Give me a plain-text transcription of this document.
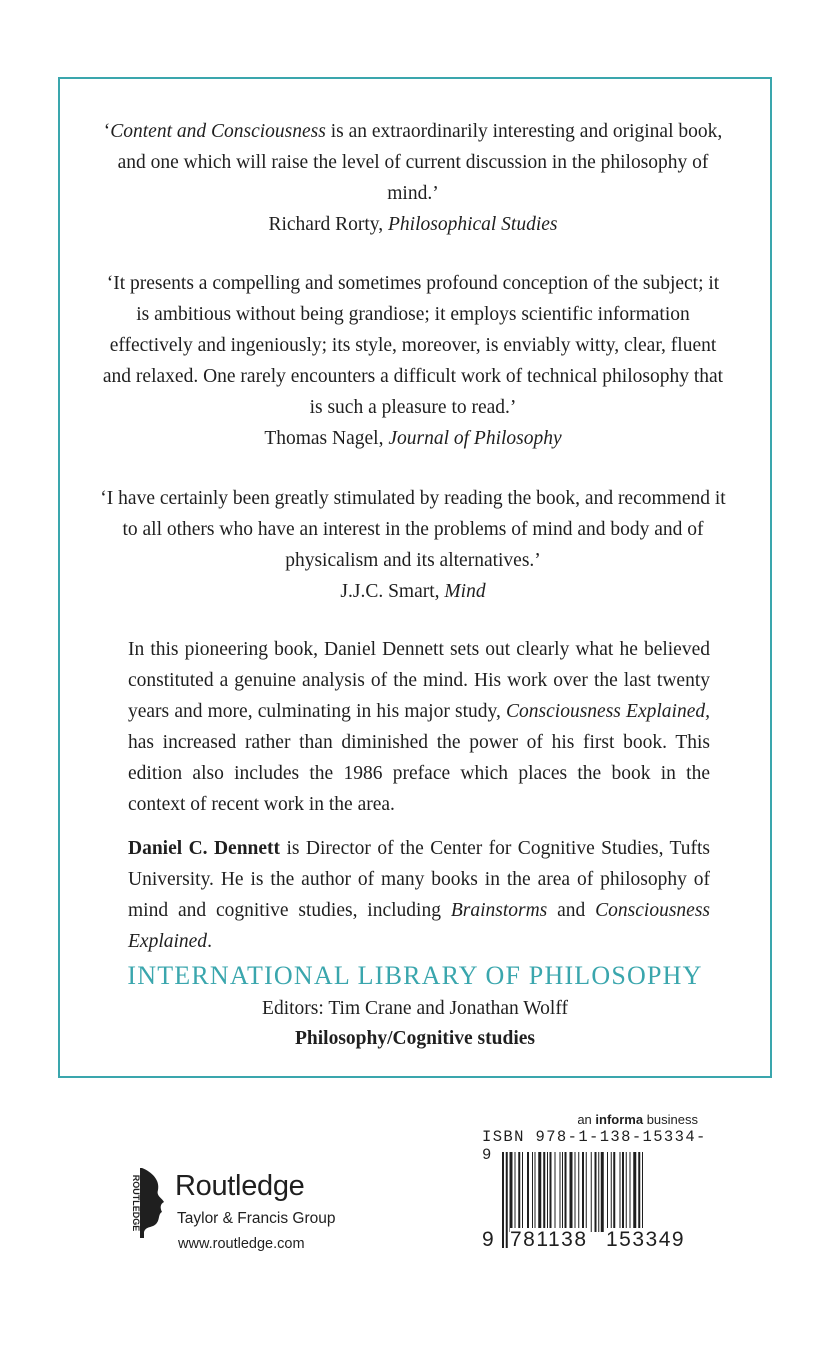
‘Content and Consciousness is an extraordinarily interesting and original book, and one which will raise the level of current discussion in the philosophy of mind.’
Richard Rorty, Philosophical Studies
‘It presents a compelling and sometimes profound conception of the subject; it is ambitious without being grandiose; it employs scientific information effectively and ingeniously; its style, moreover, is enviably witty, clear, fluent and relaxed. One rarely encounters a difficult work of technical philosophy that is such a pleasure to read.’
Thomas Nagel, Journal of Philosophy
‘I have certainly been greatly stimulated by reading the book, and recommend it to all others who have an interest in the problems of mind and body and of physicalism and its alternatives.’
J.J.C. Smart, Mind
In this pioneering book, Daniel Dennett sets out clearly what he believed constituted a genuine analysis of the mind. His work over the last twenty years and more, culminating in his major study, Consciousness Explained, has increased rather than diminished the power of his first book. This edition also includes the 1986 preface which places the book in the context of recent work in the area.
Daniel C. Dennett is Director of the Center for Cognitive Studies, Tufts University. He is the author of many books in the area of philosophy of mind and cognitive studies, including Brainstorms and Consciousness Explained.
INTERNATIONAL LIBRARY OF PHILOSOPHY
Editors: Tim Crane and Jonathan Wolff
Philosophy/Cognitive studies
ROUTLEDGE Routledge
Taylor & Francis Group
www.routledge.com
an informa business
ISBN 978-1-138-15334-9
9 781138 153349
